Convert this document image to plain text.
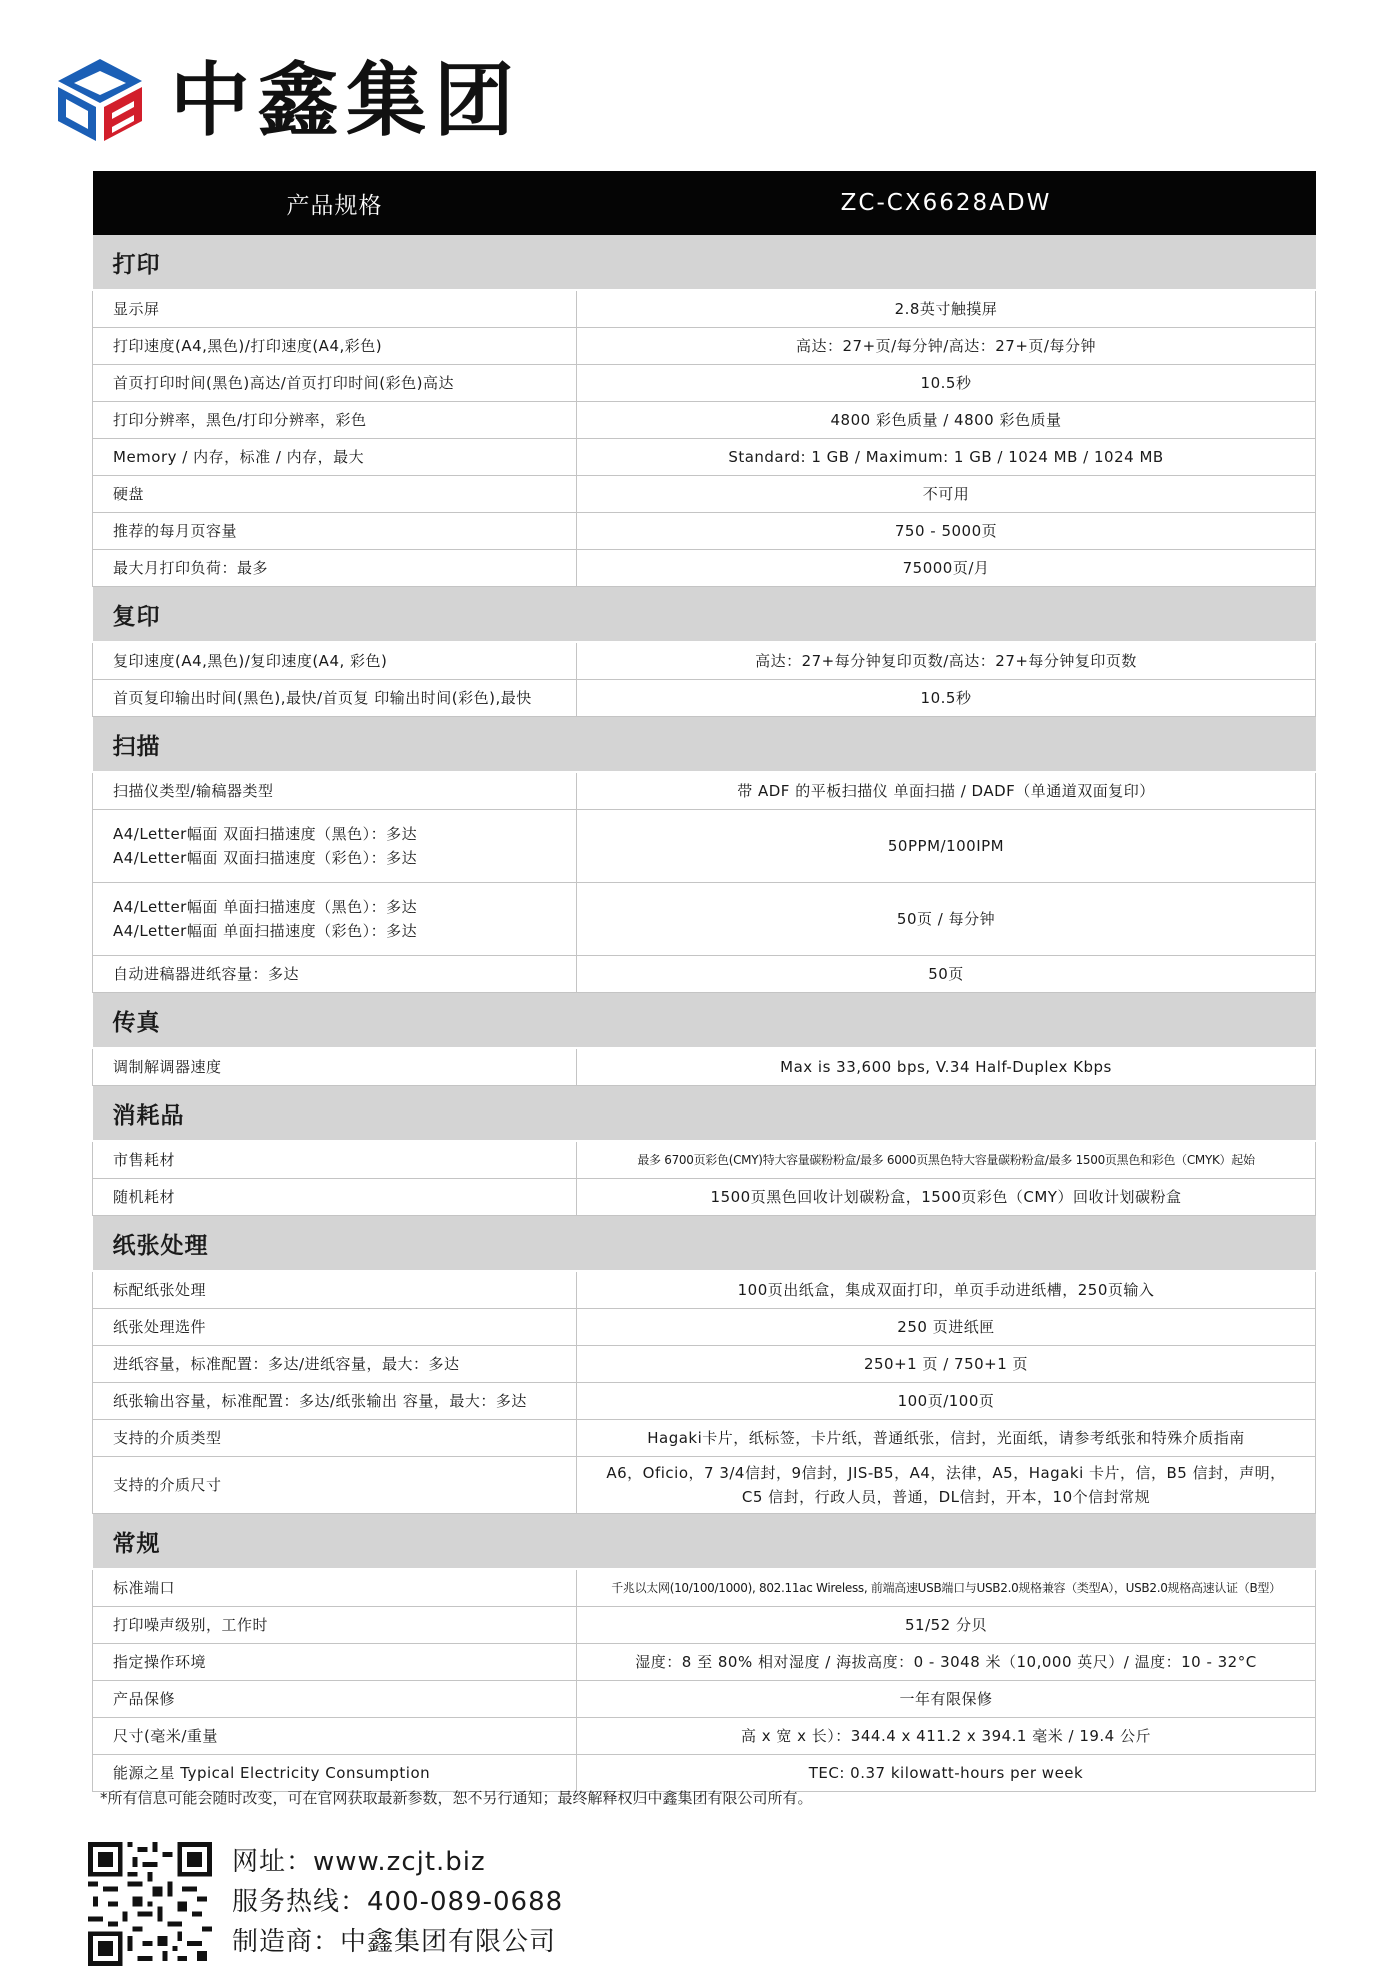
中鑫集团
产品规格	ZC-CX6628ADW
打印	
显示屏	2.8英寸触摸屏
打印速度(A4,黑色)/打印速度(A4,彩色)	高达：27+页/每分钟/高达：27+页/每分钟
首页打印时间(黑色)高达/首页打印时间(彩色)高达	10.5秒
打印分辨率，黑色/打印分辨率，彩色	4800 彩色质量 / 4800 彩色质量
Memory / 内存，标准 / 内存，最大	Standard: 1 GB / Maximum: 1 GB / 1024 MB / 1024 MB
硬盘	不可用
推荐的每月页容量	750 - 5000页
最大月打印负荷：最多	75000页/月
复印	
复印速度(A4,黑色)/复印速度(A4, 彩色)	高达：27+每分钟复印页数/高达：27+每分钟复印页数
首页复印输出时间(黑色),最快/首页复 印输出时间(彩色),最快	10.5秒
扫描	
扫描仪类型/输稿器类型	带 ADF 的平板扫描仪 单面扫描 / DADF（单通道双面复印）

A4/Letter幅面 双面扫描速度（黑色）：多达
A4/Letter幅面 双面扫描速度（彩色）：多达	50PPM/100IPM

A4/Letter幅面 单面扫描速度（黑色）：多达
A4/Letter幅面 单面扫描速度（彩色）：多达	50页 / 每分钟
自动进稿器进纸容量：多达	50页
传真	
调制解调器速度	Max is 33,600 bps, V.34 Half-Duplex Kbps
消耗品	
市售耗材	最多 6700页彩色(CMY)特大容量碳粉粉盒/最多 6000页黑色特大容量碳粉粉盒/最多 1500页黑色和彩色（CMYK）起始
随机耗材	1500页黑色回收计划碳粉盒，1500页彩色（CMY）回收计划碳粉盒
纸张处理	
标配纸张处理	100页出纸盒，集成双面打印，单页手动进纸槽，250页输入
纸张处理选件	250 页进纸匣
进纸容量，标准配置：多达/进纸容量，最大：多达	250+1 页 / 750+1 页
纸张输出容量，标准配置：多达/纸张输出 容量，最大：多达	100页/100页
支持的介质类型	Hagaki卡片，纸标签，卡片纸，普通纸张，信封，光面纸，请参考纸张和特殊介质指南
支持的介质尺寸	A6，Oficio，7 3/4信封，9信封，JIS-B5，A4，法律，A5，Hagaki 卡片，信，B5 信封，声明，
C5 信封，行政人员，普通，DL信封，开本，10个信封常规

常规	
标准端口	千兆以太网(10/100/1000), 802.11ac Wireless, 前端高速USB端口与USB2.0规格兼容（类型A），USB2.0规格高速认证（B型）
打印噪声级别，工作时	51/52 分贝
指定操作环境	湿度：8 至 80% 相对湿度 / 海拔高度：0 - 3048 米（10,000 英尺）/ 温度：10 - 32°C
产品保修	一年有限保修
尺寸(毫米/重量	高 x 宽 x 长）：344.4 x 411.2 x 394.1 毫米 / 19.4 公斤
能源之星 Typical Electricity Consumption	TEC: 0.37 kilowatt-hours per week
*所有信息可能会随时改变，可在官网获取最新参数，恕不另行通知；最终解释权归中鑫集团有限公司所有。
网址：www.zcjt.biz
服务热线：400-089-0688
制造商：中鑫集团有限公司
